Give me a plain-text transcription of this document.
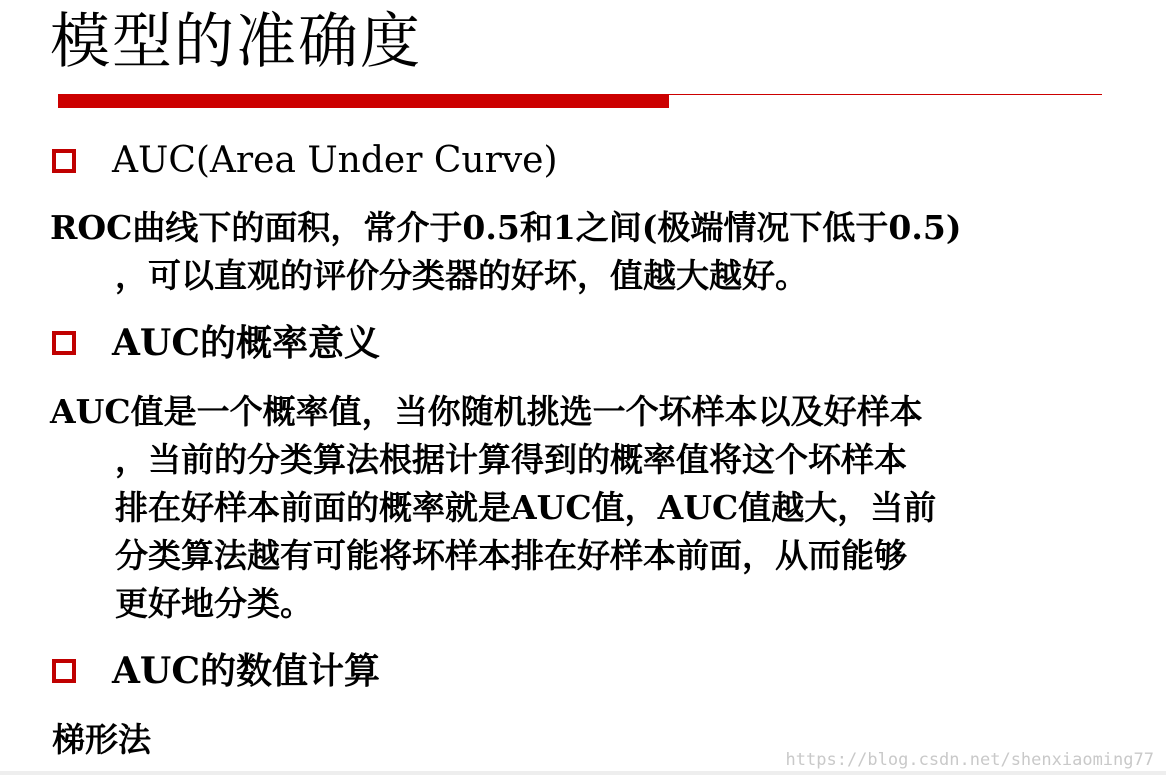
模型的准确度
AUC(Area Under Curve)
ROC曲线下的面积，常介于0.5和1之间(极端情况下低于0.5)
，可以直观的评价分类器的好坏，值越大越好。
AUC的概率意义
AUC值是一个概率值，当你随机挑选一个坏样本以及好样本
，当前的分类算法根据计算得到的概率值将这个坏样本
排在好样本前面的概率就是AUC值，AUC值越大，当前
分类算法越有可能将坏样本排在好样本前面，从而能够
更好地分类。
AUC的数值计算
梯形法
https://blog.csdn.net/shenxiaoming77
